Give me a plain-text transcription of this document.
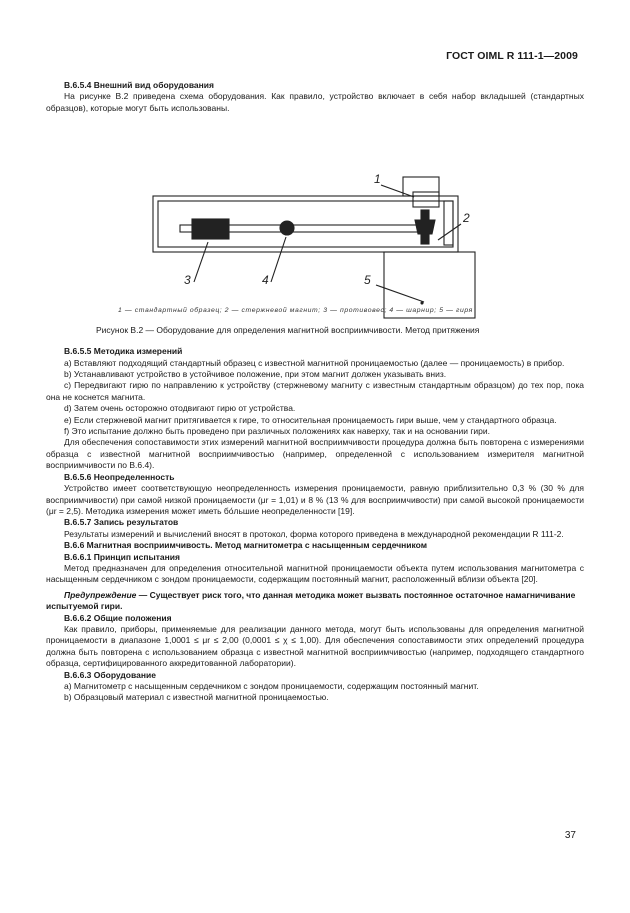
ГОСТ OIML R 111-1—2009
В.6.5.4 Внешний вид оборудования
На рисунке В.2 приведена схема оборудования. Как правило, устройство включает в себя набор вкладышей (стандартных образцов), которые могут быть использованы.
1
2
3	4	5
1 — стандартный образец; 2 — стержневой магнит; 3 — противовес; 4 — шарнир; 5 — гиря
Рисунок В.2 — Оборудование для определения магнитной восприимчивости. Метод притяжения
В.6.5.5 Методика измерений
a) Вставляют подходящий стандартный образец с известной магнитной проницаемостью (далее — проницаемость) в прибор.
b) Устанавливают устройство в устойчивое положение, при этом магнит должен указывать вниз.
c) Передвигают гирю по направлению к устройству (стержневому магниту с известным стандартным образцом) до тех пор, пока она не коснется магнита.
d) Затем очень осторожно отодвигают гирю от устройства.
e) Если стержневой магнит притягивается к гире, то относительная проницаемость гири выше, чем у стандартного образца.
f) Это испытание должно быть проведено при различных положениях как наверху, так и на основании гири.
Для обеспечения сопоставимости этих измерений магнитной восприимчивости процедура должна быть повторена с измерениями образца с известной магнитной восприимчивостью (например, определенной с использованием измерителя магнитной восприимчивости по В.6.4).
В.6.5.6 Неопределенность
Устройство имеет соответствующую неопределенность измерения проницаемости, равную приблизительно 0,3 % (30 % для восприимчивости) при самой низкой проницаемости (μr = 1,01) и 8 % (13 % для восприимчивости) при самой высокой проницаемости (μr = 2,5). Методика измерения может иметь бо́льшие неопределенности [19].
В.6.5.7 Запись результатов
Результаты измерений и вычислений вносят в протокол, форма которого приведена в международной рекомендации R 111-2.
В.6.6 Магнитная восприимчивость. Метод магнитометра с насыщенным сердечником
В.6.6.1 Принцип испытания
Метод предназначен для определения относительной магнитной проницаемости объекта путем использования магнитометра с насыщенным сердечником с зондом проницаемости, содержащим постоянный магнит, расположенный вблизи объекта [20].
Предупреждение — Существует риск того, что данная методика может вызвать постоянное остаточное намагничивание испытуемой гири.
В.6.6.2 Общие положения
Как правило, приборы, применяемые для реализации данного метода, могут быть использованы для определения магнитной проницаемости в диапазоне 1,0001 ≤ μr ≤ 2,00 (0,0001 ≤ χ ≤ 1,00). Для обеспечения сопоставимости этих определений процедура должна быть повторена с использованием образца с известной магнитной восприимчивостью (например, подходящего стандартного образца, сертифицированного аккредитованной лаборатории).
В.6.6.3 Оборудование
a) Магнитометр с насыщенным сердечником с зондом проницаемости, содержащим постоянный магнит.
b) Образцовый материал с известной магнитной проницаемостью.
37
